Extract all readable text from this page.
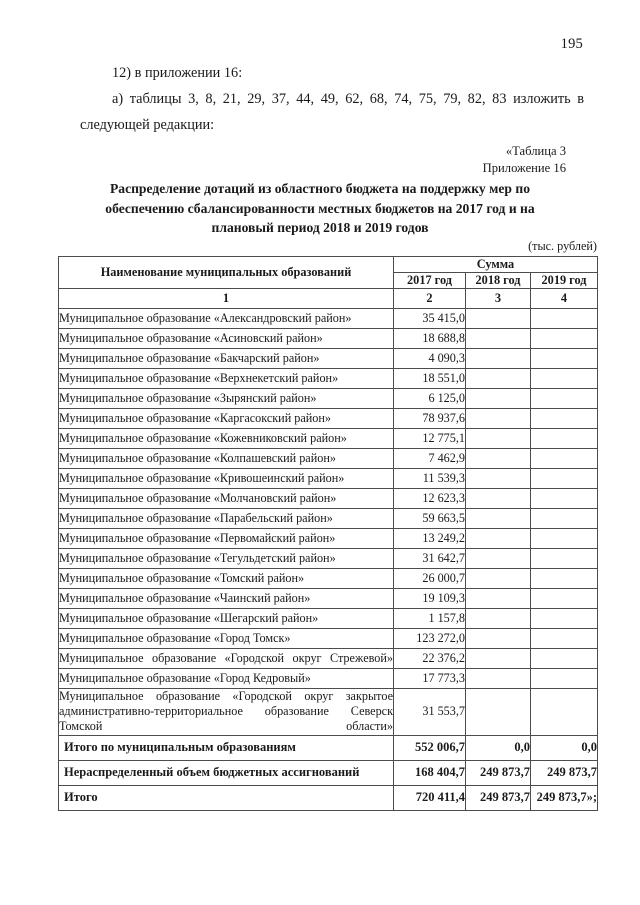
195

12) в приложении 16:

а) таблицы 3, 8, 21, 29, 37, 44, 49, 62, 68, 74, 75, 79, 82, 83 изложить в следующей редакции:

«Таблица 3
Приложение 16
Распределение дотаций из областного бюджета на поддержку мер по обеспечению сбалансированности местных бюджетов на 2017 год и на плановый период 2018 и 2019 годов
(тыс. рублей)
Наименование муниципальных образований	Сумма		
	2017 год	2018 год	2019 год
1	2	3	4
Муниципальное образование «Александровский район»	35 415,0		
Муниципальное образование «Асиновский район»	18 688,8		
Муниципальное образование «Бакчарский район»	4 090,3		
Муниципальное образование «Верхнекетский район»	18 551,0		
Муниципальное образование «Зырянский район»	6 125,0		
Муниципальное образование «Каргасокский район»	78 937,6		
Муниципальное образование «Кожевниковский район»	12 775,1		
Муниципальное образование «Колпашевский район»	7 462,9		
Муниципальное образование «Кривошеинский район»	11 539,3		
Муниципальное образование «Молчановский район»	12 623,3		
Муниципальное образование «Парабельский район»	59 663,5		
Муниципальное образование «Первомайский район»	13 249,2		
Муниципальное образование «Тегульдетский район»	31 642,7		
Муниципальное образование «Томский район»	26 000,7		
Муниципальное образование «Чаинский район»	19 109,3		
Муниципальное образование «Шегарский район»	1 157,8		
Муниципальное образование «Город Томск»	123 272,0		
Муниципальное образование «Городской округ Стрежевой»	22 376,2		
Муниципальное образование «Город Кедровый»	17 773,3		
Муниципальное образование «Городской округ закрытое административно-территориальное образование Северск Томской области»	31 553,7		
Итого по муниципальным образованиям	552 006,7	0,0	0,0
Нераспределенный объем бюджетных ассигнований	168 404,7	249 873,7	249 873,7
Итого	720 411,4	249 873,7	249 873,7»;
